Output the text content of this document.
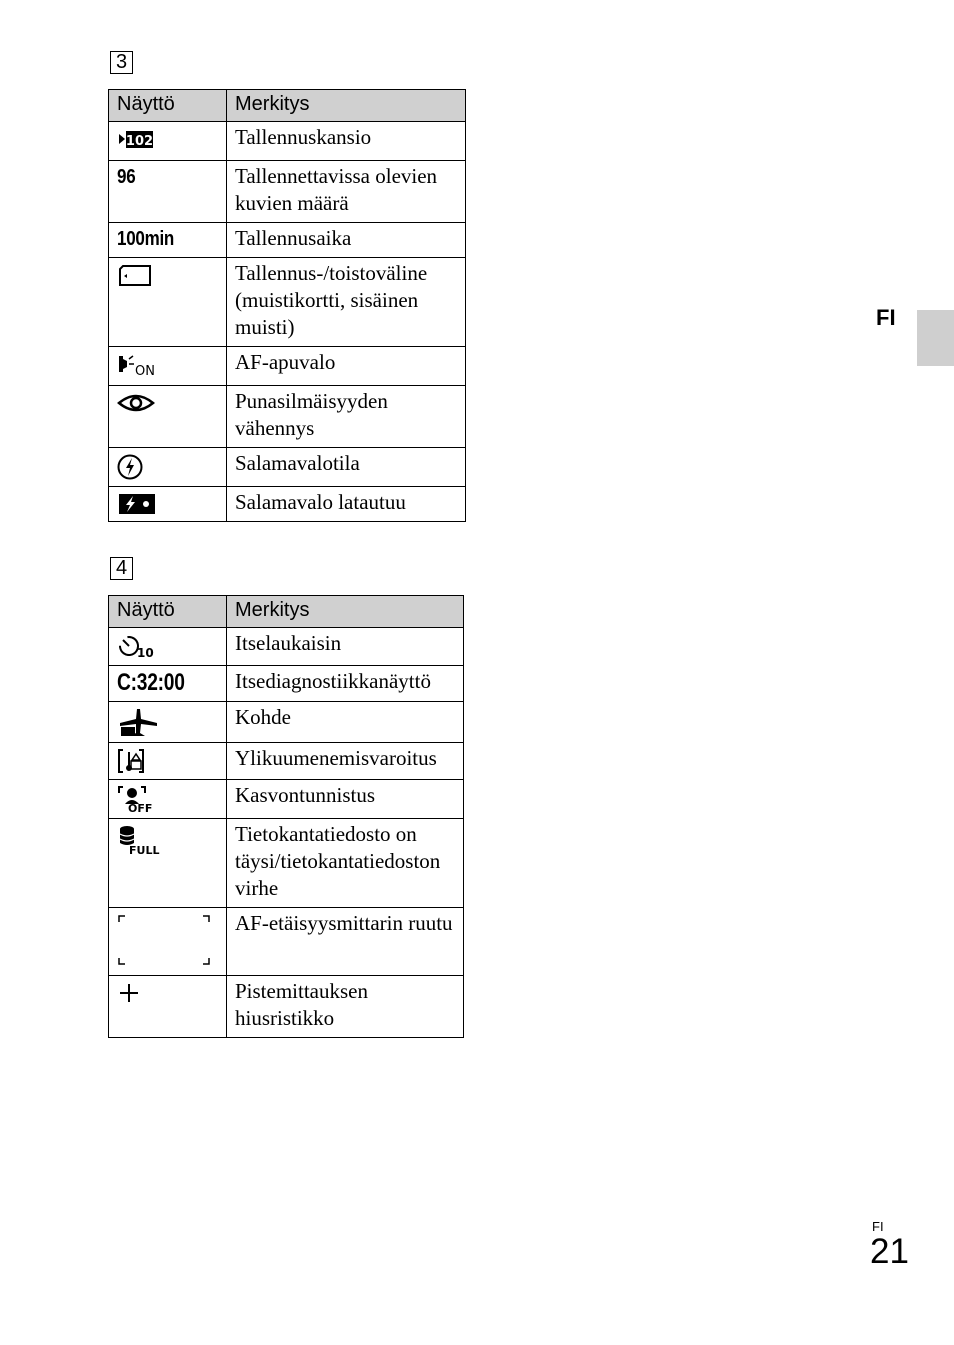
3
Näyttö	Merkitys

102	Tallennuskansio
96	Tallennettavissa olevien kuvien määrä
100min	Tallennusaika
	Tallennus-/toistoväline (muistikortti, sisäinen muisti)

ON	AF-apuvalo
	Punasilmäisyyden vähennys
	Salamavalotila
	Salamavalo latautuu
4
Näyttö	Merkitys

10	Itselaukaisin
C:32:00	Itsediagnostiikkanäyttö
	Kohde
	Ylikuumenemisvaroitus

OFF	Kasvontunnistus

FULL	Tietokantatiedosto on täysi/tietokantatiedoston virhe
	AF-etäisyysmittarin ruutu
	Pistemittauksen hiusristikko
FI
FI
21
